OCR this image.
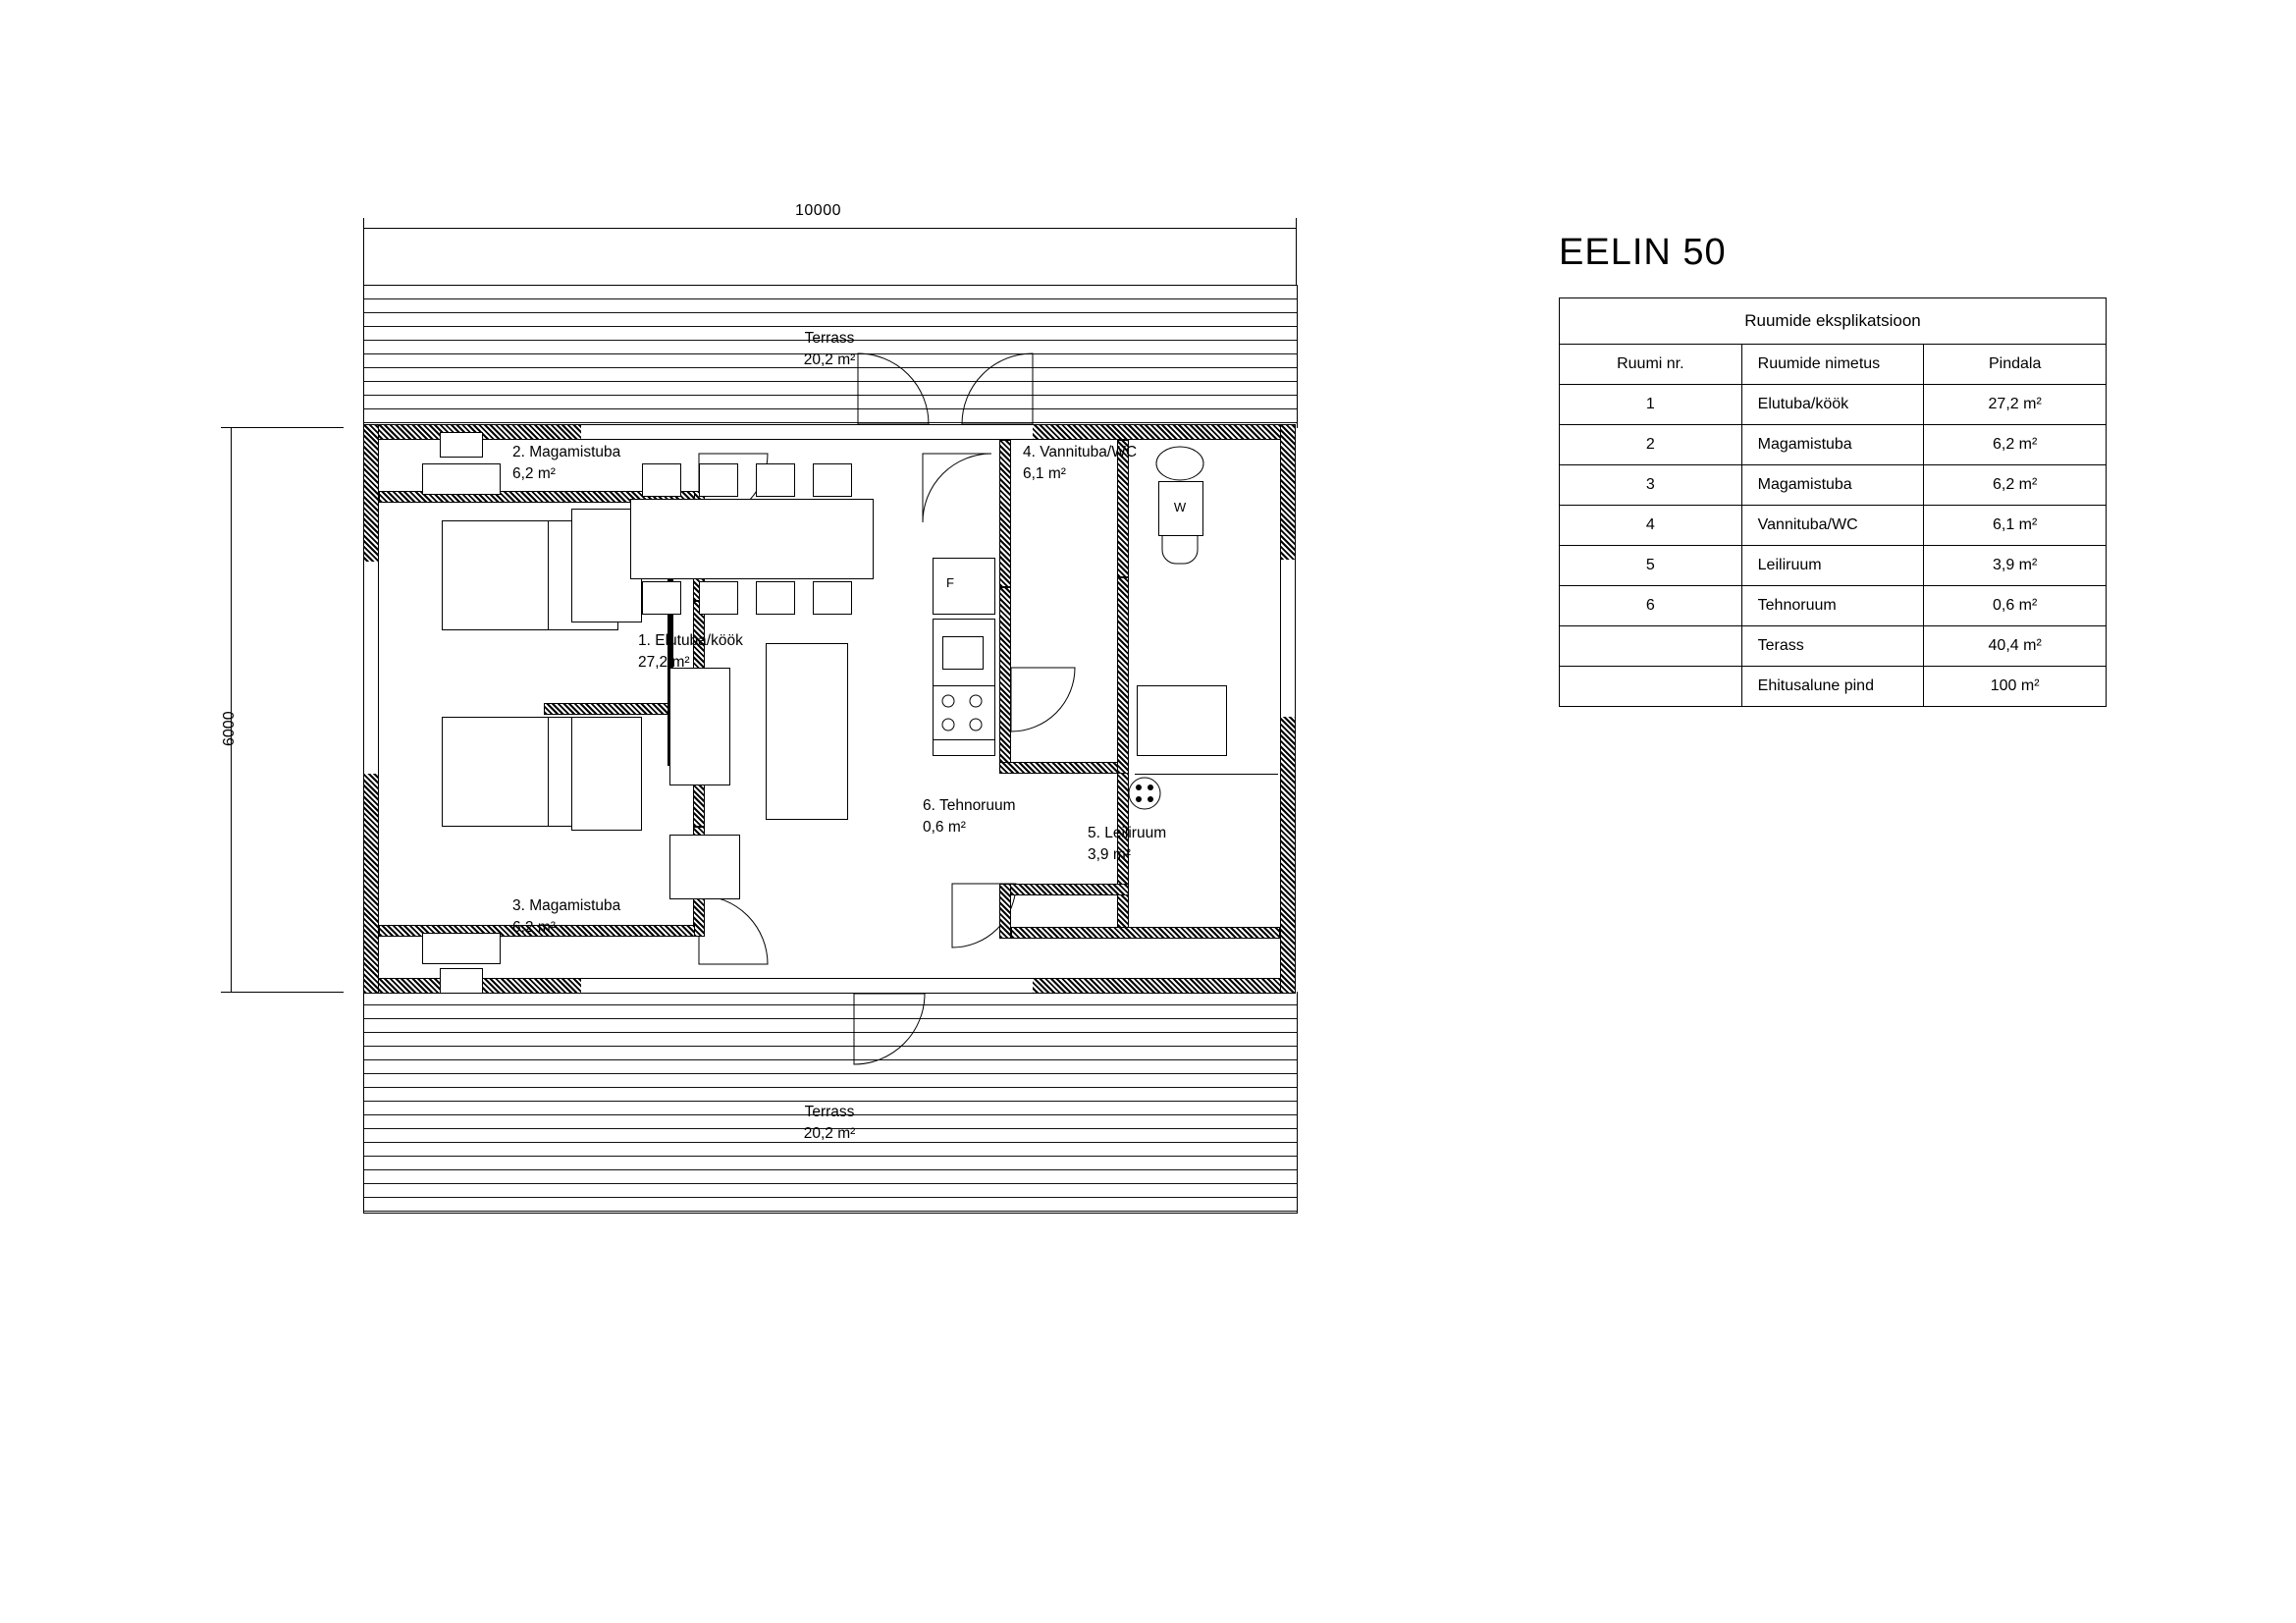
10000
6000
Terrass
20,2 m²
Terrass
20,2 m²
F
W
1. Elutuba/köök
27,2 m²
2. Magamistuba
6,2 m²
3. Magamistuba
6,2 m²
4. Vannituba/WC
6,1 m²
5. Leiliruum
3,9 m²
6. Tehnoruum
0,6 m²
EELIN 50
Ruumide eksplikatsioon		
Ruumi nr.	Ruumide nimetus	Pindala
1	Elutuba/köök	27,2 m²
2	Magamistuba	6,2 m²
3	Magamistuba	6,2 m²
4	Vannituba/WC	6,1 m²
5	Leiliruum	3,9 m²
6	Tehnoruum	0,6 m²
	Terass	40,4 m²
	Ehitusalune pind	100 m²
